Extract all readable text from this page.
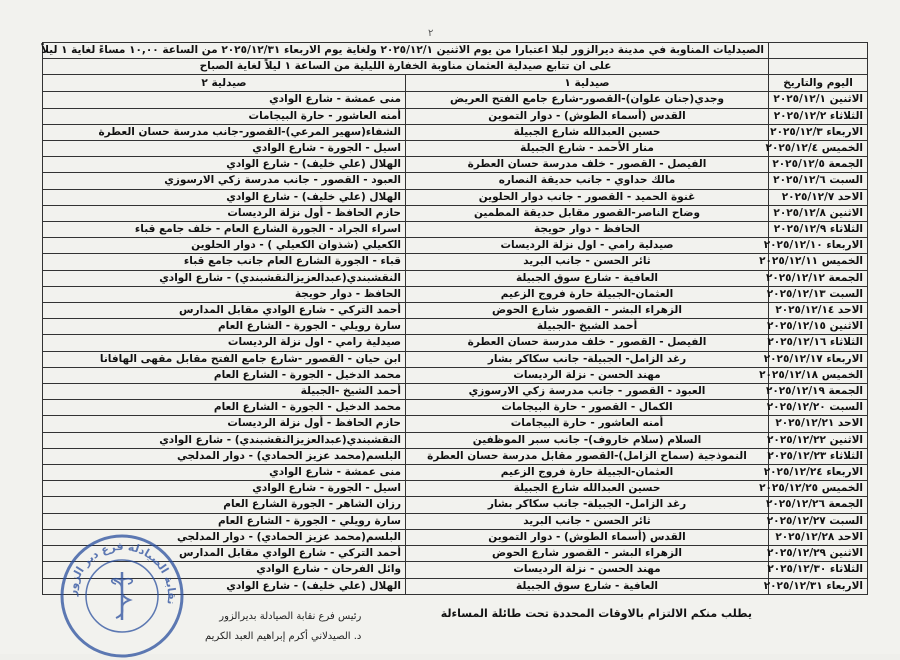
٢
	الصيدليات المناوبة في مدينة ديرالزور ليلا اعتبارا من يوم الاثنين ٢٠٢٥/١٢/١ ولغاية يوم الاربعاء ٢٠٢٥/١٢/٣١ من الساعة ١٠,٠٠ مساءً لغاية ١ ليلاً	
	على ان تتابع صيدلية العثمان مناوبة الخفارة الليلية من الساعة ١ ليلاً لغاية الصباح	
اليوم والتاريخ	صيدلية ١	صيدلية ٢
الاثنين ٢٠٢٥/١٢/١	وجدي(جنان علوان)-القصور-شارع جامع الفتح العريض	منى عمشة - شارع الوادي
الثلاثاء ٢٠٢٥/١٢/٢	القدس (أسماء الطوش) - دوار التموين	أمنه العاشور - حارة البيجامات
الاربعاء ٢٠٢٥/١٢/٣	حسين العبدالله شارع الجبيلة	الشفاء(سهير المرعي)-القصور-جانب مدرسة حسان العطرة
الخميس ٢٠٢٥/١٢/٤	منار الأحمد - شارع الجبيلة	اسيل - الجورة - شارع الوادي
الجمعة ٢٠٢٥/١٢/٥	الفيصل - القصور - خلف مدرسة حسان العطرة	الهلال (علي خليف) - شارع الوادي
السبت ٢٠٢٥/١٢/٦	مالك حداوي - جانب حديقة النصاره	العبود - القصور - جانب مدرسة زكي الارسوزي
الاحد ٢٠٢٥/١٢/٧	غنوة الحميد - القصور - جانب دوار الحلوين	الهلال (علي خليف) - شارع الوادي
الاثنين ٢٠٢٥/١٢/٨	وضاح الناصر-القصور مقابل حديقة المطمين	حازم الحافظ - أول نزلة الرديسات
الثلاثاء ٢٠٢٥/١٢/٩	الحافظ - دوار حويجة	اسراء الجراد - الجورة الشارع العام - خلف جامع قباء
الاربعاء ٢٠٢٥/١٢/١٠	صيدلية رامي - اول نزلة الرديسات	الكعيلي (شذوان الكعيلي ) - دوار الحلوين
الخميس ٢٠٢٥/١٢/١١	ثائر الحسن - جانب البريد	قباء - الجورة الشارع العام جانب جامع قباء
الجمعة ٢٠٢٥/١٢/١٢	العافية - شارع سوق الجبيلة	النقشبندي(عبدالعزيزالنقشبندي) - شارع الوادي
السبت ٢٠٢٥/١٢/١٣	العثمان-الجبيلة حارة فروج الزعيم	الحافظ - دوار حويجة
الاحد ٢٠٢٥/١٢/١٤	الزهراء البشر - القصور شارع الحوض	أحمد التركي - شارع الوادي مقابل المدارس
الاثنين ٢٠٢٥/١٢/١٥	أحمد الشيخ -الجبيلة	سارة رويلي - الجورة - الشارع العام
الثلاثاء ٢٠٢٥/١٢/١٦	الفيصل - القصور - خلف مدرسة حسان العطرة	صيدلية رامي - اول نزلة الرديسات
الاربعاء ٢٠٢٥/١٢/١٧	رغد الزامل- الجبيلة- جانب سكاكر بشار	ابن حيان - القصور -شارع جامع الفتح مقابل مقهى الهافانا
الخميس ٢٠٢٥/١٢/١٨	مهند الحسن - نزلة الرديسات	محمد الدخيل - الجورة - الشارع العام
الجمعة ٢٠٢٥/١٢/١٩	العبود - القصور - جانب مدرسة زكي الارسوزي	أحمد الشيخ -الجبيلة
السبت ٢٠٢٥/١٢/٢٠	الكمال - القصور - حارة البيجامات	محمد الدخيل - الجورة - الشارع العام
الاحد ٢٠٢٥/١٢/٢١	أمنه العاشور - حارة البيجامات	حازم الحافظ - أول نزلة الرديسات
الاثنين ٢٠٢٥/١٢/٢٢	السلام (سلام خاروف)- جانب سبر الموظفين	النقشبندي(عبدالعزيزالنقشبندي) - شارع الوادي
الثلاثاء ٢٠٢٥/١٢/٢٣	النموذجية (سماح الزامل)-القصور مقابل مدرسة حسان العطرة	البلسم(محمد عزيز الحمادي) - دوار المدلجي
الاربعاء ٢٠٢٥/١٢/٢٤	العثمان-الجبيلة حارة فروج الزعيم	منى عمشة - شارع الوادي
الخميس ٢٠٢٥/١٢/٢٥	حسين العبدالله شارع الجبيلة	اسيل - الجورة - شارع الوادي
الجمعة ٢٠٢٥/١٢/٢٦	رغد الزامل- الجبيلة- جانب سكاكر بشار	رزان الشاهر - الجورة الشارع العام
السبت ٢٠٢٥/١٢/٢٧	ثائر الحسن - جانب البريد	سارة رويلي - الجورة - الشارع العام
الاحد ٢٠٢٥/١٢/٢٨	القدس (أسماء الطوش) - دوار التموين	البلسم(محمد عزيز الحمادي) - دوار المدلجي
الاثنين ٢٠٢٥/١٢/٢٩	الزهراء البشر - القصور شارع الحوض	أحمد التركي - شارع الوادي مقابل المدارس
الثلاثاء ٢٠٢٥/١٢/٣٠	مهند الحسن - نزلة الرديسات	وائل الفرحان - شارع الوادي
الاربعاء ٢٠٢٥/١٢/٣١	العافية - شارع سوق الجبيلة	الهلال (علي خليف) - شارع الوادي
يطلب منكم الالتزام بالاوقات المحددة تحت طائلة المساءلة
رئيس فرع نقابة الصيادلة بديرالزور
د. الصيدلاني أكرم إبراهيم العبد الكريم
نقابة الصيادلة فرع دير الزور
